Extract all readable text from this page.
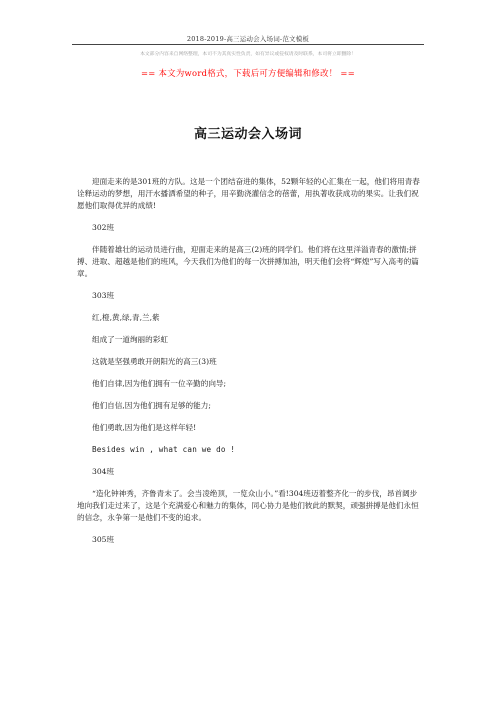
2018-2019-高三运动会入场词-范文模板
本文部分内容来自网络整理，本司不为其真实性负责，如有异议或侵权请及时联系，本司将立即删除！
== 本文为word格式，下载后可方便编辑和修改！ ==
高三运动会入场词

迎面走来的是301班的方队。这是一个团结奋进的集体，52颗年轻的心汇集在一起，他们将用青春诠释运动的梦想，用汗水播洒希望的种子，用辛勤浇灌信念的蓓蕾，用执著收获成功的果实。让我们祝愿他们取得优异的成绩!

302班

伴随着雄壮的运动员进行曲，迎面走来的是高三(2)班的同学们。他们将在这里洋溢青春的激情;拼搏、进取、超越是他们的班风，今天我们为他们的每一次拼搏加油，明天他们会将“辉煌”写入高考的篇章。

303班

红,橙,黄,绿,青,兰,紫

组成了一道绚丽的彩虹

这就是坚强勇敢开朗阳光的高三(3)班

他们自律,因为他们拥有一位辛勤的向导;

他们自信,因为他们拥有足够的能力;

他们勇敢,因为他们是这样年轻!

Besides win , what can we do !

304班

“造化钟神秀，齐鲁青未了。会当凌绝顶，一览众山小。”看!304班迈着整齐化一的步伐，昂首阔步地向我们走过来了，这是个充满爱心和魅力的集体，同心协力是他们彼此的默契，顽强拼搏是他们永恒的信念，永争第一是他们不变的追求。

305班
